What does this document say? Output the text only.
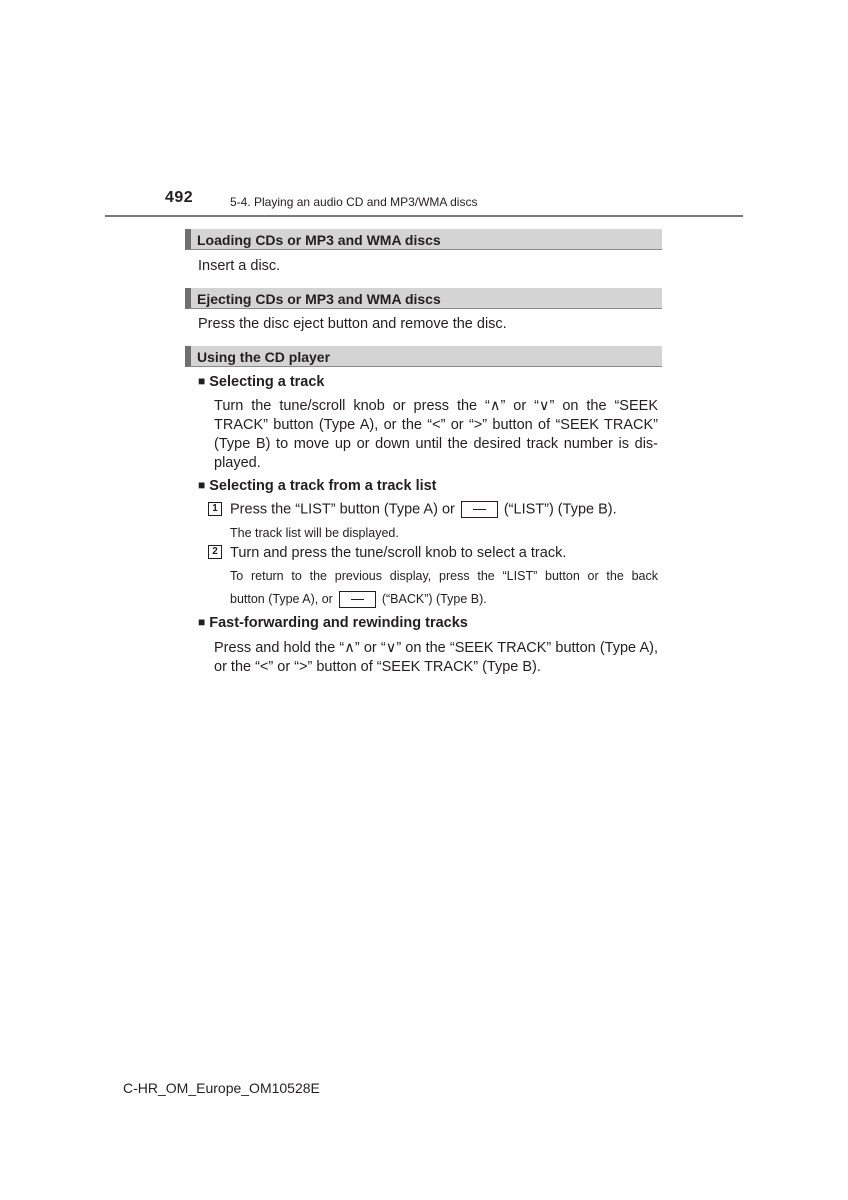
492	5-4. Playing an audio CD and MP3/WMA discs
Loading CDs or MP3 and WMA discs
Insert a disc.
Ejecting CDs or MP3 and WMA discs
Press the disc eject button and remove the disc.
Using the CD player
■ Selecting a track
Turn the tune/scroll knob or press the “∧” or “∨” on the “SEEK TRACK” button (Type A), or the “<” or “>” button of “SEEK TRACK” (Type B) to move up or down until the desired track number is dis-played.
■ Selecting a track from a track list
1 Press the “LIST” button (Type A) or	(“LIST”) (Type B).
The track list will be displayed.
2 Turn and press the tune/scroll knob to select a track.
To return to the previous display, press the “LIST” button or the back
button (Type A), or	(“BACK”) (Type B).
■ Fast-forwarding and rewinding tracks
Press and hold the “∧” or “∨” on the “SEEK TRACK” button (Type A), or the “<” or “>” button of “SEEK TRACK” (Type B).
C-HR_OM_Europe_OM10528E
